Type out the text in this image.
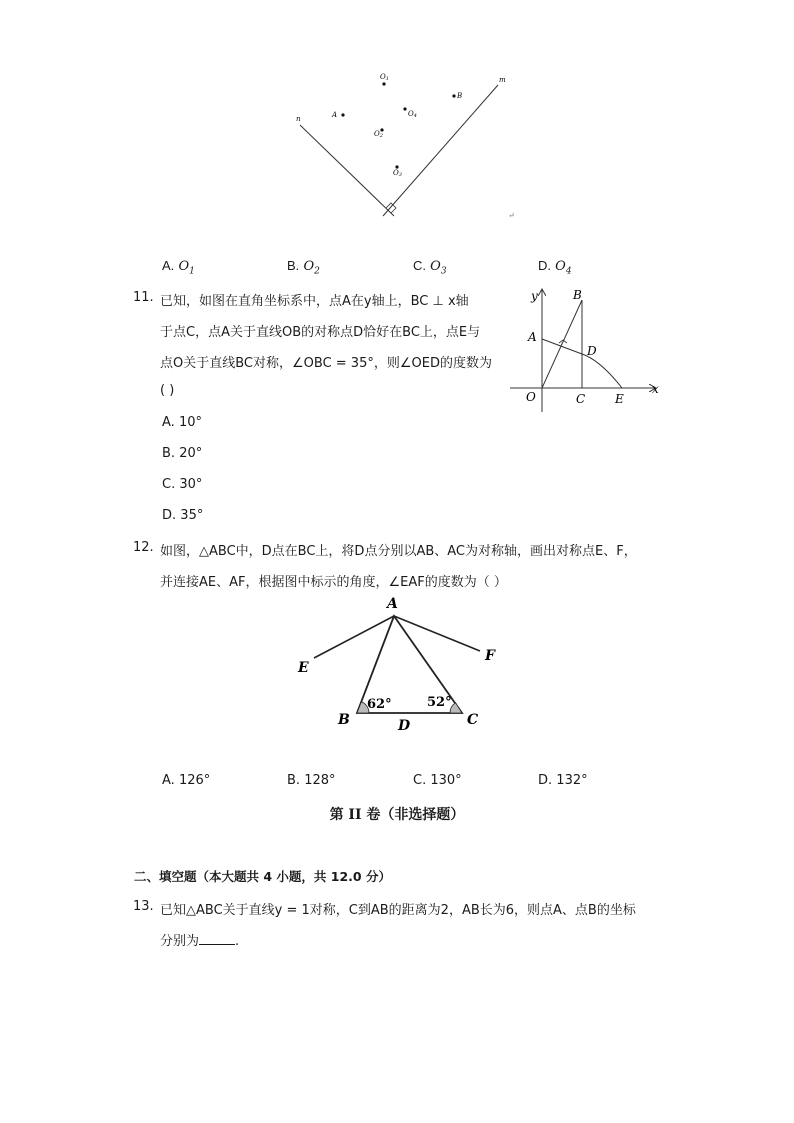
n
m
O1
B
A	O4
O2
O3
↵
A. $O_1$	B. $O_2$	C. $O_3$	D. $O_4$
11. 已知，如图在直角坐标系中，点A在y轴上，BC ⊥ x轴
于点C，点A关于直线OB的对称点D恰好在BC上，点E与
点O关于直线BC对称，∠OBC = 35°，则∠OED的度数为
( )
A. 10°
B. 20°
C. 30°
D. 35°
y
x
B
A
D
O	C E
12. 如图，△ABC中，D点在BC上，将D点分别以AB、AC为对称轴，画出对称点E、F，
并连接AE、AF，根据图中标示的角度，∠EAF的度数为（ ）
A
E
F
B	D	C
62°	52°
A. 126°	B. 128°	C. 130°	D. 132°
第 II 卷（非选择题）
二、填空题（本大题共 4 小题，共 12.0 分）
13. 已知△ABC关于直线y = 1对称，C到AB的距离为2，AB长为6，则点A、点B的坐标
分别为	.
